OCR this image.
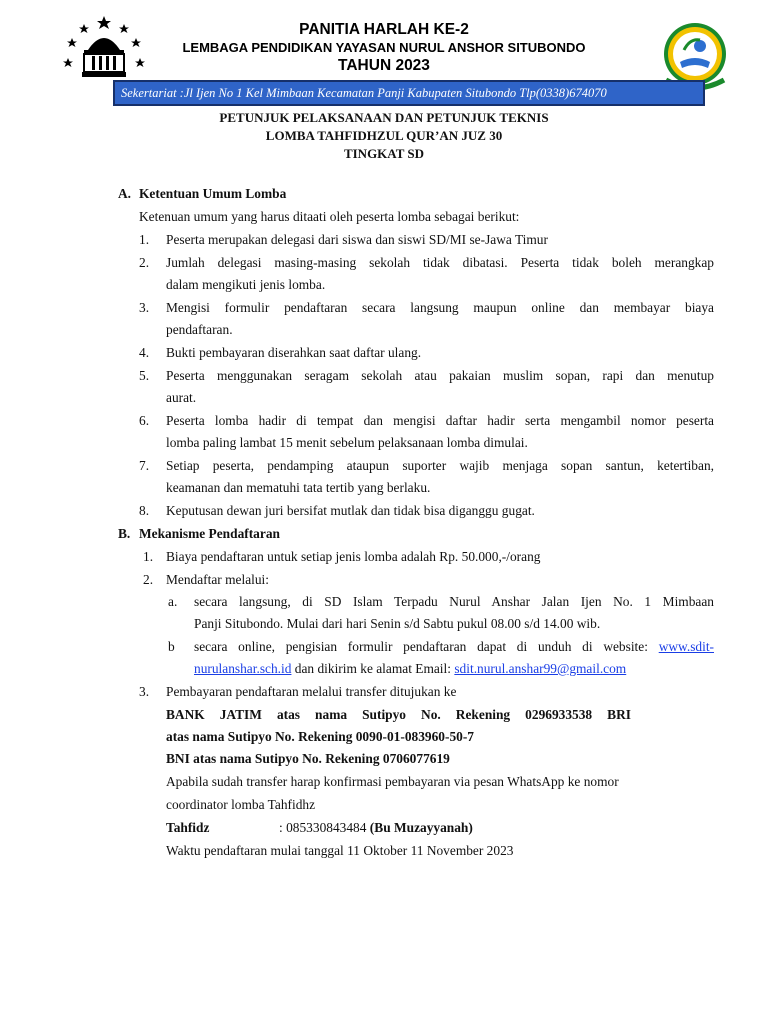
PANITIA HARLAH KE-2
LEMBAGA PENDIDIKAN YAYASAN NURUL ANSHOR SITUBONDO
TAHUN 2023
Sekertariat :Jl Ijen No 1 Kel Mimbaan Kecamatan Panji Kabupaten Situbondo Tlp(0338)674070
PETUNJUK PELAKSANAAN DAN PETUNJUK TEKNIS
LOMBA TAHFIDHZUL QUR’AN JUZ 30
TINGKAT SD
A. Ketentuan Umum Lomba
Ketenuan umum yang harus ditaati oleh peserta lomba sebagai berikut:
1. Peserta merupakan delegasi dari siswa dan siswi SD/MI se-Jawa Timur
2. Jumlah delegasi masing-masing sekolah tidak dibatasi. Peserta tidak boleh merangkap
dalam mengikuti jenis lomba.
3. Mengisi formulir pendaftaran secara langsung maupun online dan membayar biaya
pendaftaran.
4. Bukti pembayaran diserahkan saat daftar ulang.
5. Peserta menggunakan seragam sekolah atau pakaian muslim sopan, rapi dan menutup
aurat.
6. Peserta lomba hadir di tempat dan mengisi daftar hadir serta mengambil nomor peserta
lomba paling lambat 15 menit sebelum pelaksanaan lomba dimulai.
7. Setiap peserta, pendamping ataupun suporter wajib menjaga sopan santun, ketertiban,
keamanan dan mematuhi tata tertib yang berlaku.
8. Keputusan dewan juri bersifat mutlak dan tidak bisa diganggu gugat.
B. Mekanisme Pendaftaran
1. Biaya pendaftaran untuk setiap jenis lomba adalah Rp. 50.000,-/orang
2. Mendaftar melalui:
a. secara langsung, di SD Islam Terpadu Nurul Anshar Jalan Ijen No. 1 Mimbaan
Panji Situbondo. Mulai dari hari Senin s/d Sabtu pukul 08.00 s/d 14.00 wib.
b secara online, pengisian formulir pendaftaran dapat di unduh di website: www.sdit-
nurulanshar.sch.id dan dikirim ke alamat Email: sdit.nurul.anshar99@gmail.com
3. Pembayaran pendaftaran melalui transfer ditujukan ke
BANK JATIM atas nama Sutipyo No. Rekening 0296933538 BRI
atas nama Sutipyo No. Rekening 0090-01-083960-50-7
BNI atas nama Sutipyo No. Rekening 0706077619
Apabila sudah transfer harap konfirmasi pembayaran via pesan WhatsApp ke nomor
coordinator lomba Tahfidhz
Tahfidz	: 085330843484 (Bu Muzayyanah)
Waktu pendaftaran mulai tanggal 11 Oktober 11 November 2023
